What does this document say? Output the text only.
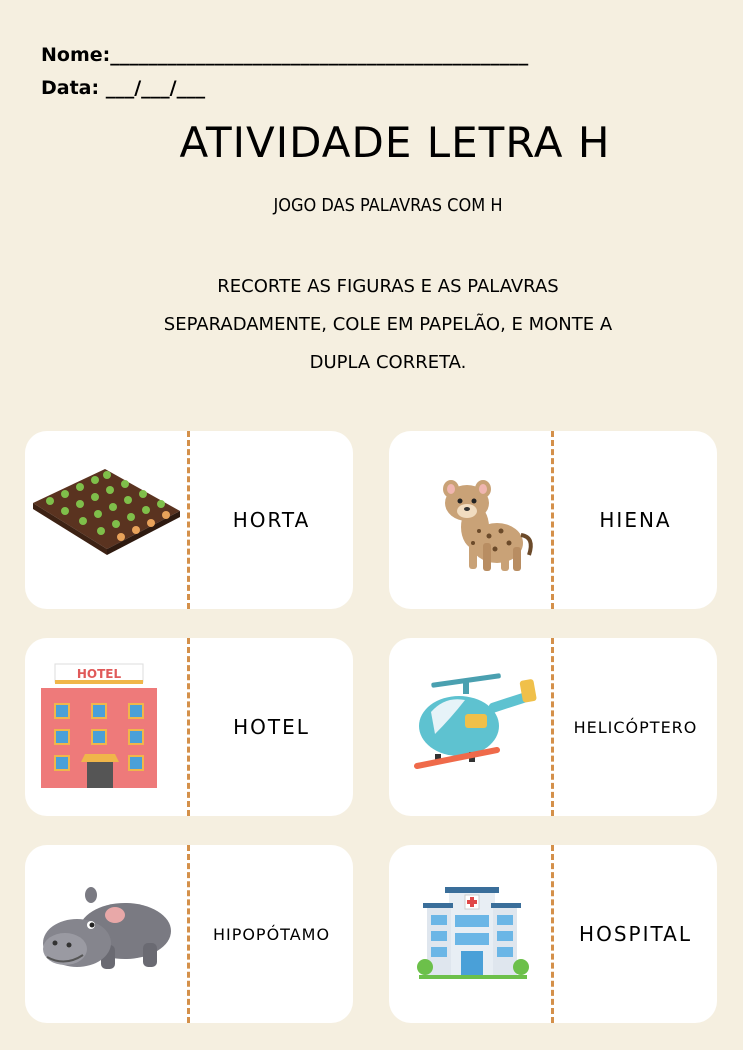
Nome:____________________________________________
Data: ___/___/___
ATIVIDADE LETRA H
JOGO DAS PALAVRAS COM H
RECORTE AS FIGURAS E AS PALAVRAS
SEPARADAMENTE, COLE EM PAPELÃO, E MONTE A
DUPLA CORRETA.
HORTA	HIENA
HOTEL
HOTEL	HELICÓPTERO
HIPOPÓTAMO	HOSPITAL
